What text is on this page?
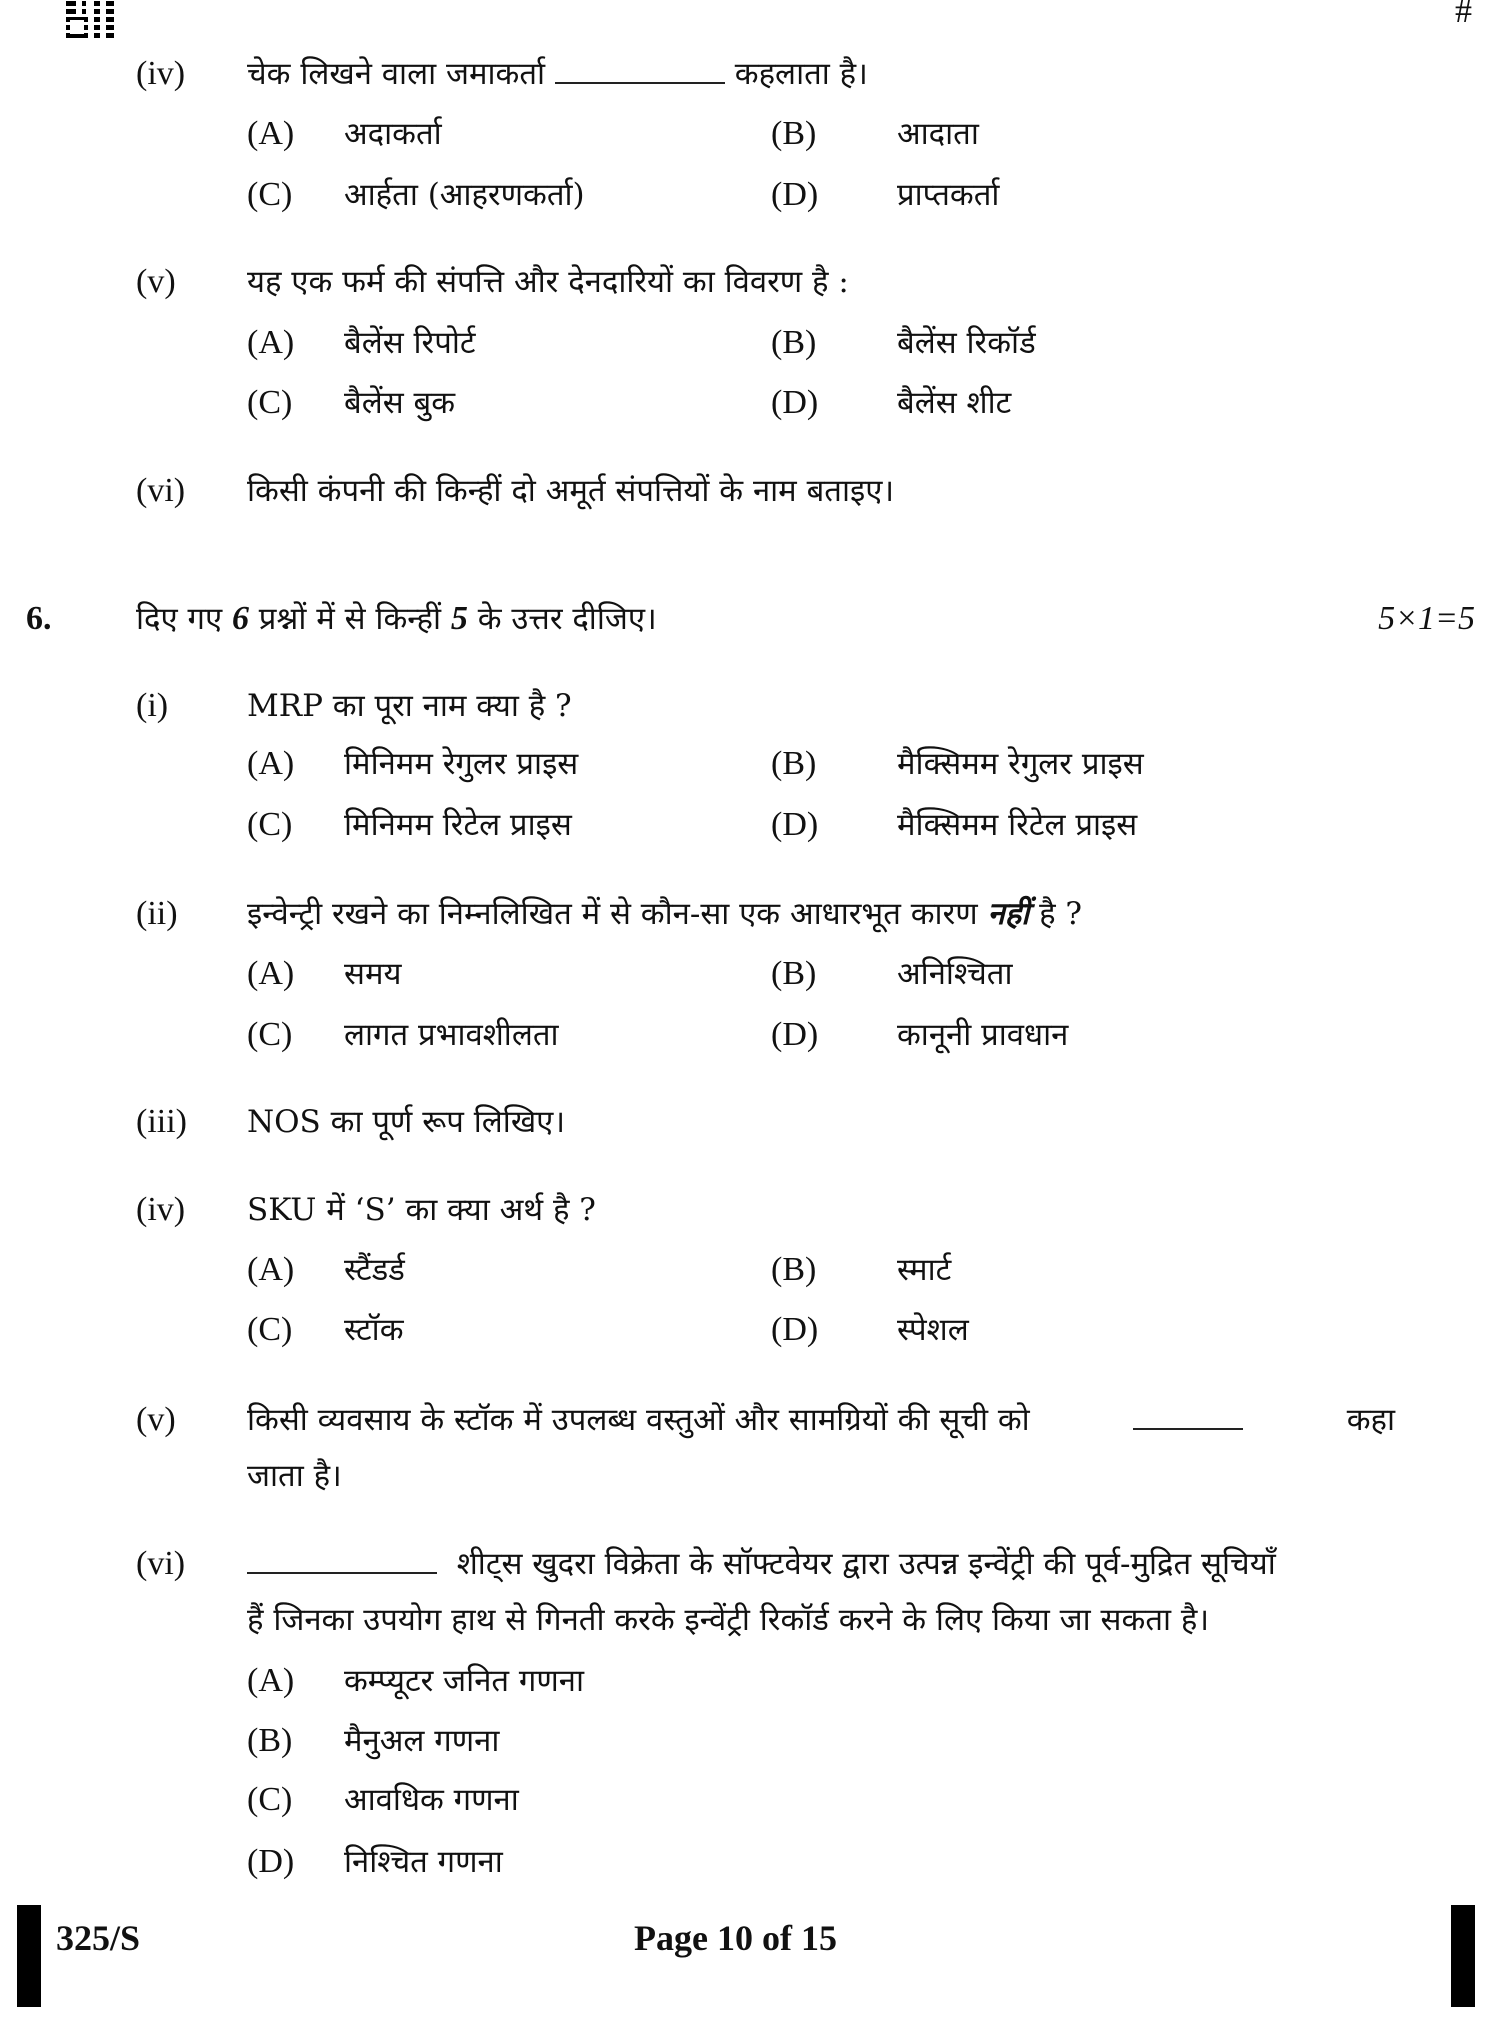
#
(iv) चेक लिखने वाला जमाकर्ता	कहलाता है।
(A) अदाकर्ता	(B)	आदाता
(C) आर्हता (आहरणकर्ता)	(D)	प्राप्तकर्ता
(v) यह एक फर्म की संपत्ति और देनदारियों का विवरण है :
(A) बैलेंस रिपोर्ट	(B)	बैलेंस रिकॉर्ड
(C) बैलेंस बुक	(D)	बैलेंस शीट
(vi) किसी कंपनी की किन्हीं दो अमूर्त संपत्तियों के नाम बताइए।
6.	दिए गए 6 प्रश्नों में से किन्हीं 5 के उत्तर दीजिए।	5×1=5
(i)	MRP का पूरा नाम क्या है ?
(A) मिनिमम रेगुलर प्राइस	(B)	मैक्सिमम रेगुलर प्राइस
(C) मिनिमम रिटेल प्राइस	(D)	मैक्सिमम रिटेल प्राइस
(ii) इन्वेन्ट्री रखने का निम्नलिखित में से कौन-सा एक आधारभूत कारण नहीं है ?
(A) समय	(B)	अनिश्चिता
(C) लागत प्रभावशीलता	(D)	कानूनी प्रावधान
(iii) NOS का पूर्ण रूप लिखिए।
(iv) SKU में ‘S’ का क्या अर्थ है ?
(A) स्टैंडर्ड	(B)	स्मार्ट
(C) स्टॉक	(D)	स्पेशल
(v) किसी व्यवसाय के स्टॉक में उपलब्ध वस्तुओं और सामग्रियों की सूची को	कहा
जाता है।
(vi)	शीट्स खुदरा विक्रेता के सॉफ्टवेयर द्वारा उत्पन्न इन्वेंट्री की पूर्व-मुद्रित सूचियाँ
हैं जिनका उपयोग हाथ से गिनती करके इन्वेंट्री रिकॉर्ड करने के लिए किया जा सकता है।
(A) कम्प्यूटर जनित गणना
(B) मैनुअल गणना
(C) आवधिक गणना
(D) निश्चित गणना
325/S	Page 10 of 15
